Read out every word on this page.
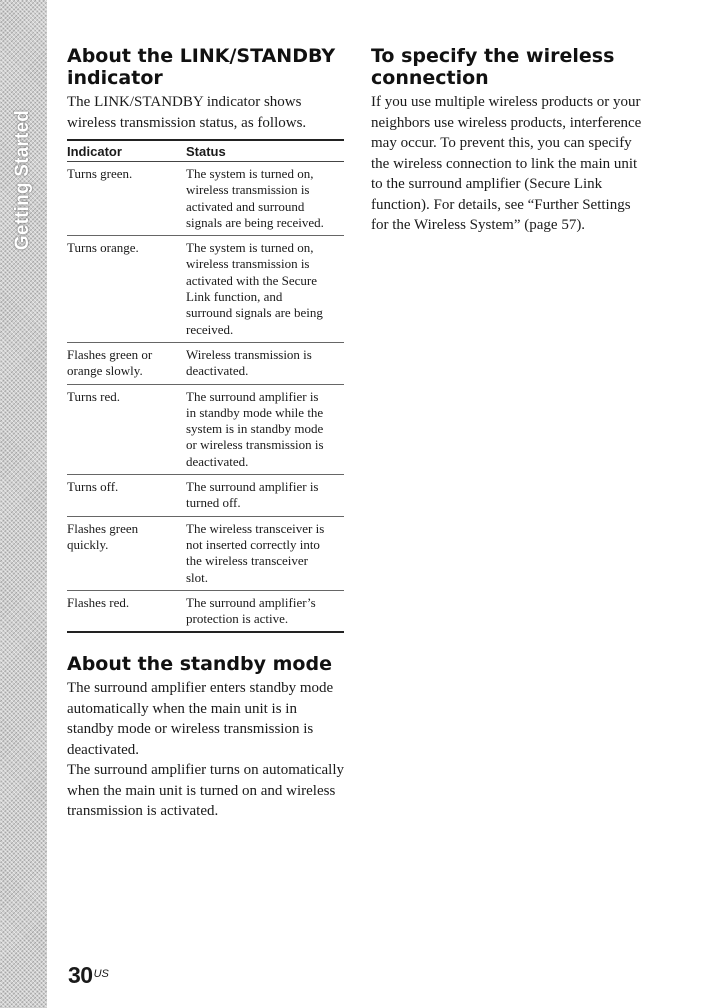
Getting Started
About the LINK/STANDBY indicator

The LINK/STANDBY indicator shows wireless transmission status, as follows.

Indicator	Status
Turns green.	The system is turned on, wireless transmission is activated and surround signals are being received.
Turns orange.	The system is turned on, wireless transmission is activated with the Secure Link function, and surround signals are being received.
Flashes green or orange slowly.	Wireless transmission is deactivated.
Turns red.	The surround amplifier is in standby mode while the system is in standby mode or wireless transmission is deactivated.
Turns off.	The surround amplifier is turned off.
Flashes green quickly.	The wireless transceiver is not inserted correctly into the wireless transceiver slot.
Flashes red.	The surround amplifier’s protection is active.
About the standby mode

The surround amplifier enters standby mode automatically when the main unit is in standby mode or wireless transmission is deactivated.

The surround amplifier turns on automatically when the main unit is turned on and wireless transmission is activated.

To specify the wireless connection

If you use multiple wireless products or your neighbors use wireless products, interference may occur. To prevent this, you can specify the wireless connection to link the main unit to the surround amplifier (Secure Link function). For details, see “Further Settings for the Wireless System” (page 57).

$30^{US}$
